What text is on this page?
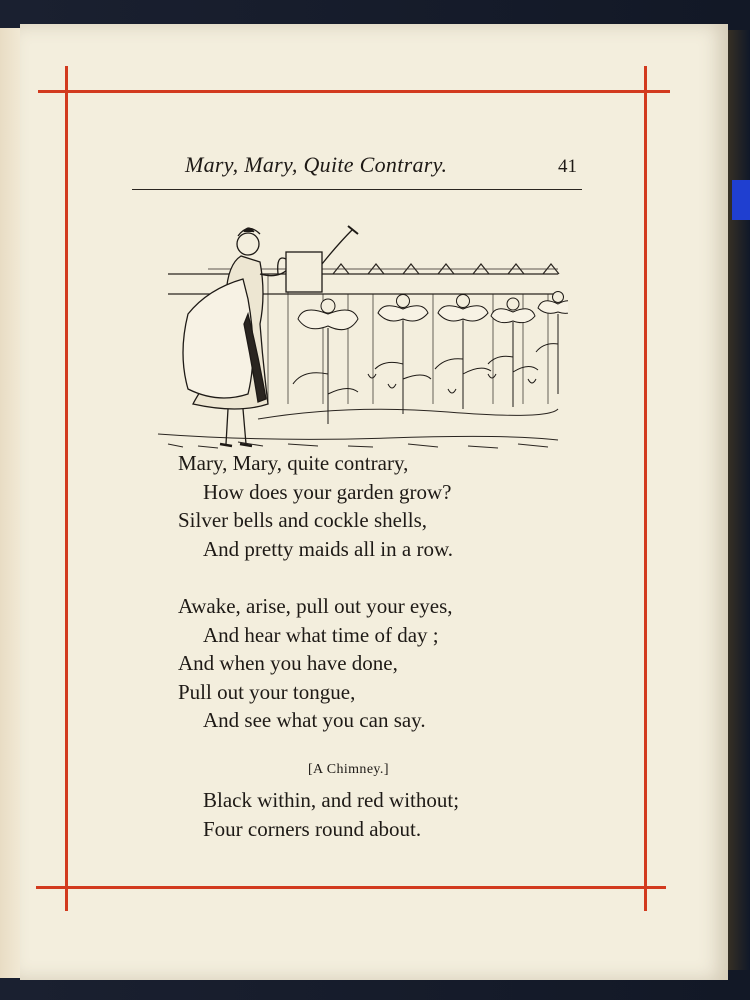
Mary, Mary, Quite Contrary.	41
Mary, Mary, quite contrary,
How does your garden grow?
Silver bells and cockle shells,
And pretty maids all in a row.
Awake, arise, pull out your eyes,
And hear what time of day ;
And when you have done,
Pull out your tongue,
And see what you can say.
[A Chimney.]
Black within, and red without;
Four corners round about.
